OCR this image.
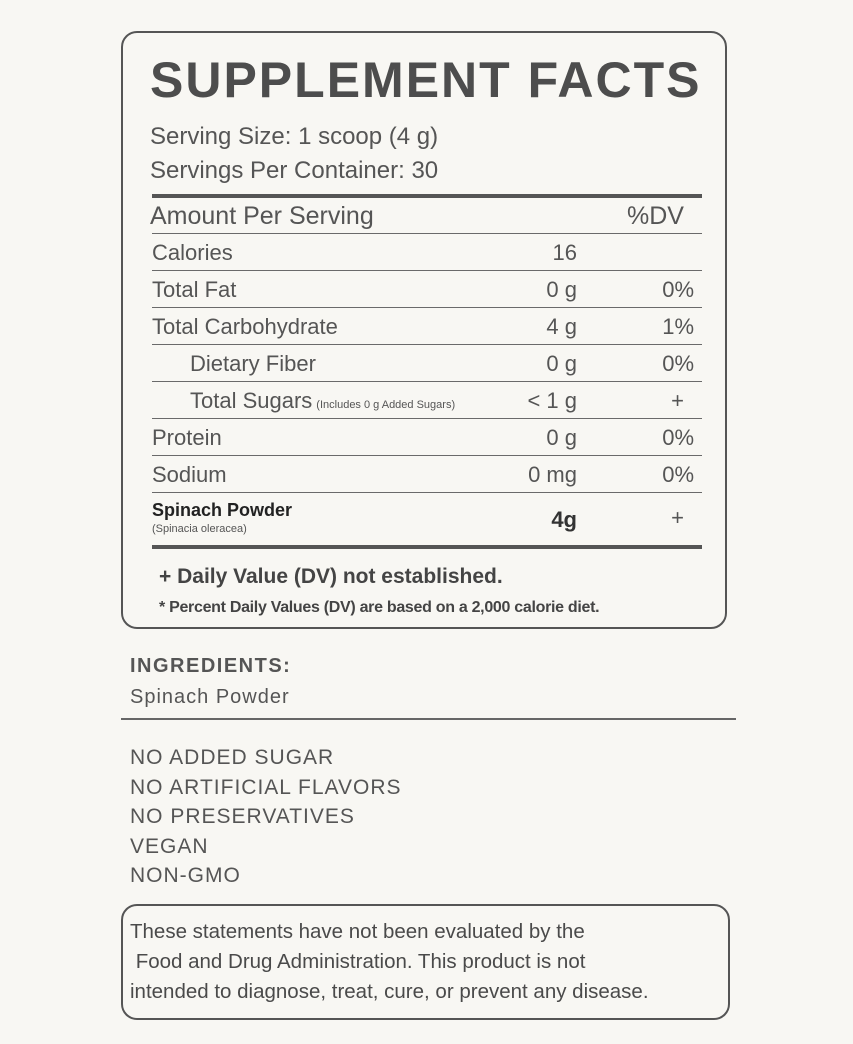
SUPPLEMENT FACTS
Serving Size: 1 scoop (4 g)
Servings Per Container: 30
Amount Per Serving	%DV
Calories	16
Total Fat	0 g	0%
Total Carbohydrate	4 g	1%
Dietary Fiber	0 g	0%
Total Sugars (Includes 0 g Added Sugars)	< 1 g	+
Protein	0 g	0%
Sodium	0 mg	0%
Spinach Powder
(Spinacia oleracea)	4g	+
+ Daily Value (DV) not established.
* Percent Daily Values (DV) are based on a 2,000 calorie diet.
INGREDIENTS:
Spinach Powder
NO ADDED SUGAR
NO ARTIFICIAL FLAVORS
NO PRESERVATIVES
VEGAN
NON-GMO

These statements have not been evaluated by the
Food and Drug Administration. This product is not
intended to diagnose, treat, cure, or prevent any disease.
